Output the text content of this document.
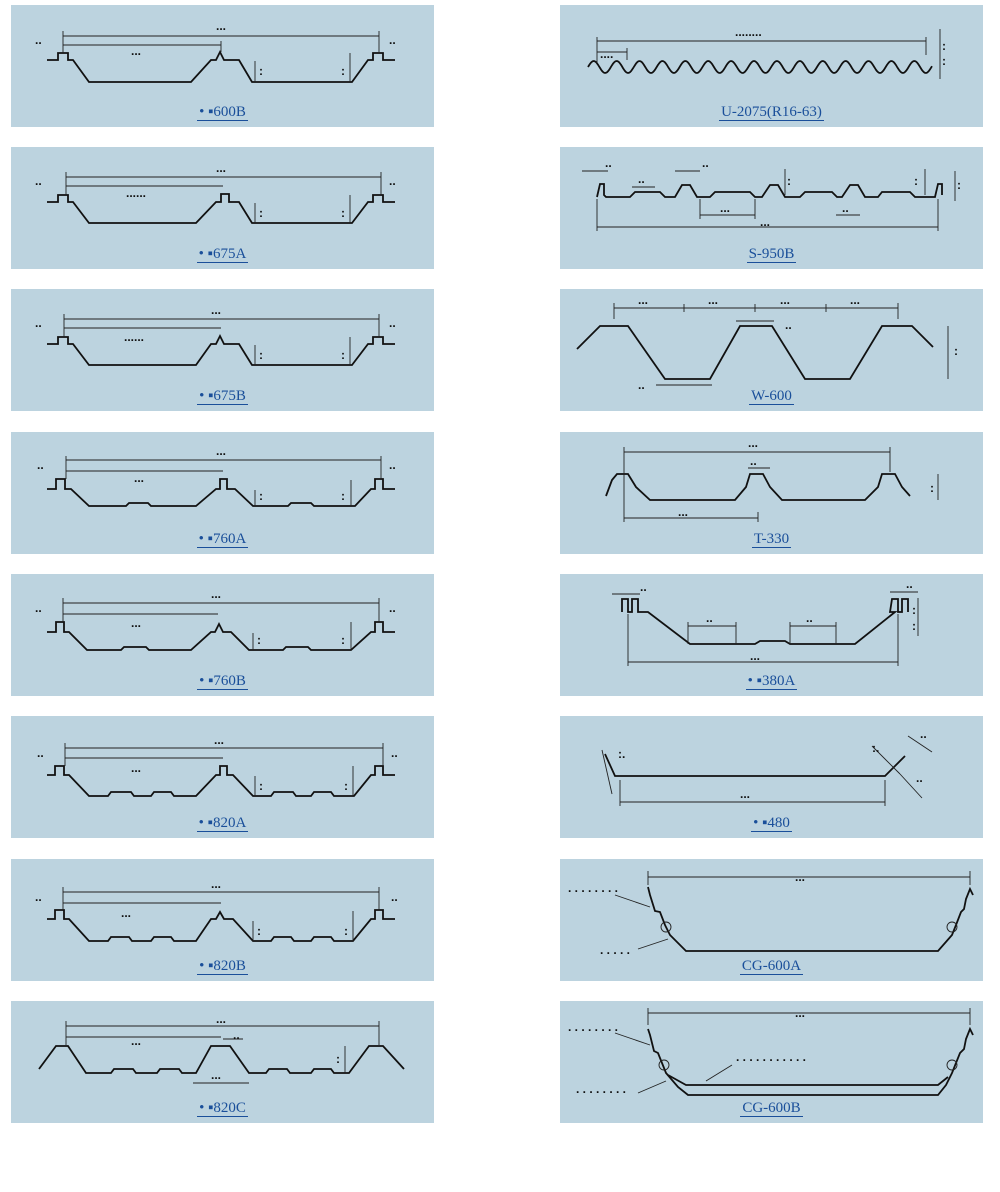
...
...
..	..
:	:
• ▪600B
...
......
..	..
:	:
• ▪675A
...
......
..	..
:	:
• ▪675B
...
...
..	..
:	:
• ▪760A
...
...
..	..
:	:
• ▪760B
...
...
..	..
:	:
• ▪820A
...
...
..	..
:	:
• ▪820B
...
...	..
...
:
• ▪820C
........
....
:
:
U-2075(R16-63)
..
..
..
...	..
...
:	:	:
S-950B
...	...	...	...
..
..
:
W-600
...
..
...
:
T-330
..	..
..	..
...
:
:
• ▪380A
...
:.	:.
..
..
• ▪480
...
. . . . . . . .
. . . . .
CG-600A
...
. . . . . . . .
. . . . . . . .
. . . . . . . . . . .
CG-600B
